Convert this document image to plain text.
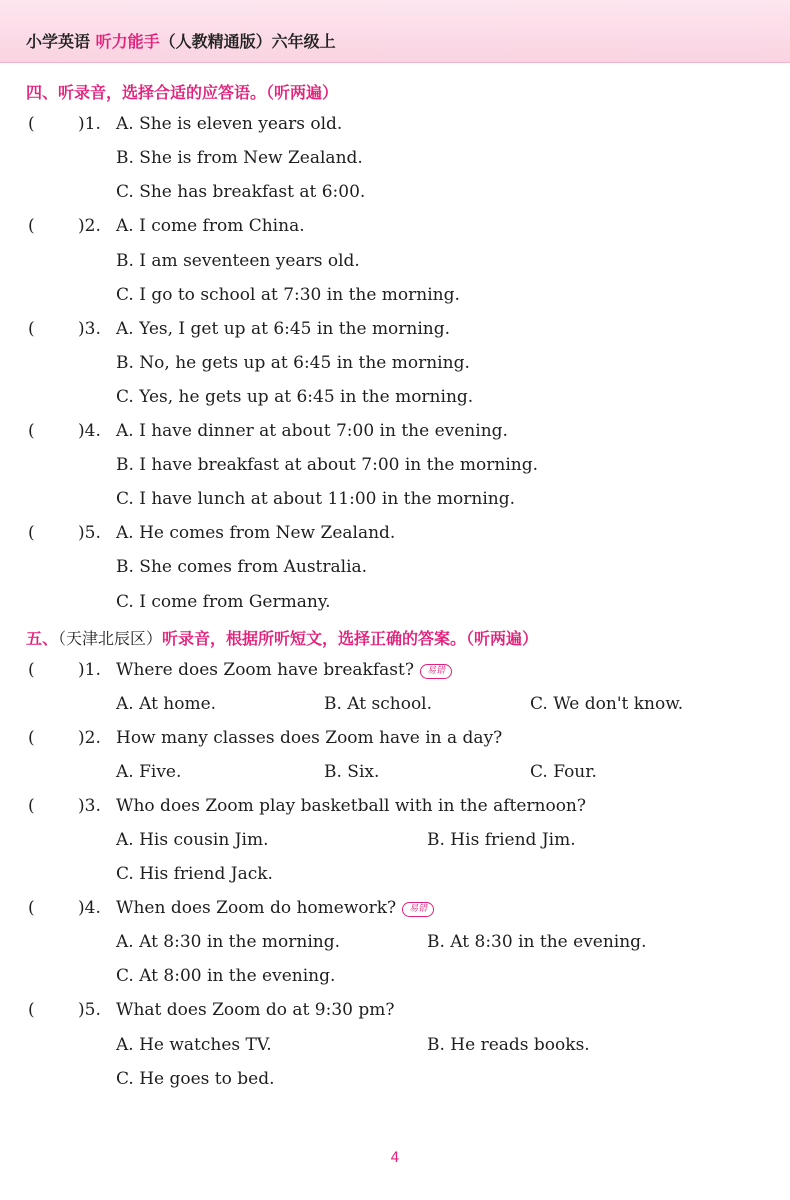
小学英语 听力能手（人教精通版）六年级上
四、听录音，选择合适的应答语。（听两遍）
(	)1. A. She is eleven years old.
B. She is from New Zealand.
C. She has breakfast at 6:00.
(	)2. A. I come from China.
B. I am seventeen years old.
C. I go to school at 7:30 in the morning.
(	)3. A. Yes, I get up at 6:45 in the morning.
B. No, he gets up at 6:45 in the morning.
C. Yes, he gets up at 6:45 in the morning.
(	)4. A. I have dinner at about 7:00 in the evening.
B. I have breakfast at about 7:00 in the morning.
C. I have lunch at about 11:00 in the morning.
(	)5. A. He comes from New Zealand.
B. She comes from Australia.
C. I come from Germany.
五、（天津北辰区）听录音，根据所听短文，选择正确的答案。（听两遍）
(	)1. Where does Zoom have breakfast? 易错
A. At home.	B. At school.	C. We don't know.
(	)2. How many classes does Zoom have in a day?
A. Five.	B. Six.	C. Four.
(	)3. Who does Zoom play basketball with in the afternoon?
A. His cousin Jim.	B. His friend Jim.
C. His friend Jack.
(	)4. When does Zoom do homework? 易错
A. At 8:30 in the morning.	B. At 8:30 in the evening.
C. At 8:00 in the evening.
(	)5. What does Zoom do at 9:30 pm?
A. He watches TV.	B. He reads books.
C. He goes to bed.
4
